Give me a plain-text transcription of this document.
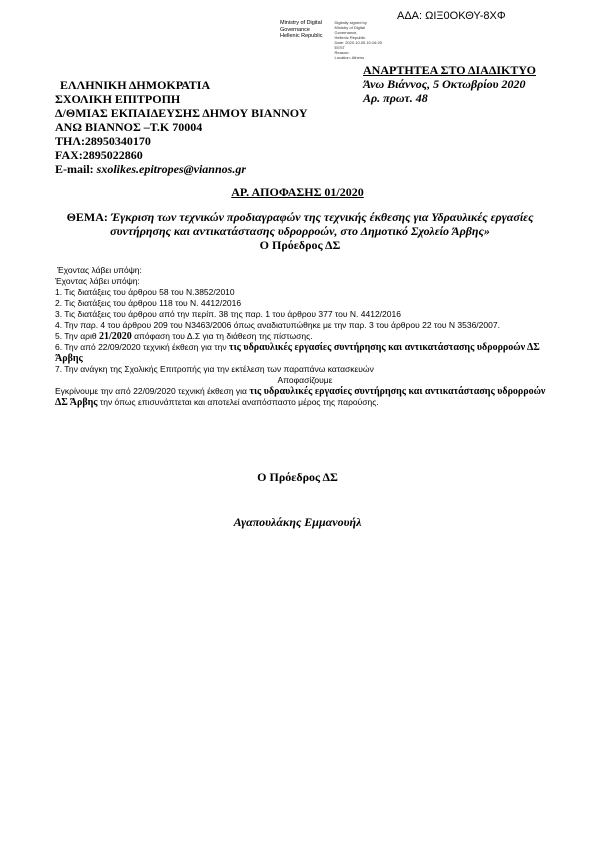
ΑΔΑ: ΩΙΞ0ΟΚΘΥ-8ΧΦ
Ministry of Digital
Governance
Hellenic Republic

Digitally signed by
Ministry of Digital
Governance,
Hellenic Republic
Date: 2020.10.05 10:16:25
EEST
Reason:
Location: Athens
ΑΝΑΡΤΗΤΕΑ ΣΤΟ ΔΙΑΔΙΚΤΥΟ
Άνω Βιάννος, 5 Οκτωβρίου 2020
Αρ. πρωτ. 48
ΕΛΛΗΝΙΚΗ ΔΗΜΟΚΡΑΤΙΑ
ΣΧΟΛΙΚΗ ΕΠΙΤΡΟΠΗ
Δ/ΘΜΙΑΣ ΕΚΠΑΙΔΕΥΣΗΣ ΔΗΜΟΥ ΒΙΑΝΝΟΥ
ΑΝΩ ΒΙΑΝΝΟΣ –Τ.Κ 70004
ΤΗΛ:28950340170
FAX:2895022860
E-mail: sxolikes.epitropes@viannos.gr
ΑΡ. ΑΠΟΦΑΣΗΣ 01/2020
ΘΕΜΑ: Έγκριση των τεχνικών προδιαγραφών της τεχνικής έκθεσης για Υδραυλικές εργασίες συντήρησης και αντικατάστασης υδρορροών, στο Δημοτικό Σχολείο Άρβης»
Ο Πρόεδρος ΔΣ
Έχοντας λάβει υπόψη:
Έχοντας λάβει υπόψη:
1. Τις διατάξεις του άρθρου 58 του Ν.3852/2010
2. Τις διατάξεις του άρθρου 118 του Ν. 4412/2016
3. Τις διατάξεις του άρθρου από την περίπ. 38 της παρ. 1 του άρθρου 377 του Ν. 4412/2016
4. Την παρ. 4 του άρθρου 209 του Ν3463/2006 όπως αναδιατυπώθηκε με την παρ. 3 του άρθρου 22 του Ν 3536/2007.
5. Την αριθ 21/2020 απόφαση του Δ.Σ για τη διάθεση της πίστωσης.
6. Την από 22/09/2020 τεχνική έκθεση για την τις υδραυλικές εργασίες συντήρησης και αντικατάστασης υδρορροών ΔΣ Άρβης
7. Την ανάγκη της Σχολικής Επιτροπής για την εκτέλεση των παραπάνω κατασκευών
Αποφασίζουμε
Εγκρίνουμε την από 22/09/2020 τεχνική έκθεση για τις υδραυλικές εργασίες συντήρησης και αντικατάστασης υδρορροών ΔΣ Άρβης την όπως επισυνάπτεται και αποτελεί αναπόσπαστο μέρος της παρούσης.
Ο Πρόεδρος ΔΣ
Αγαπουλάκης Εμμανουήλ
